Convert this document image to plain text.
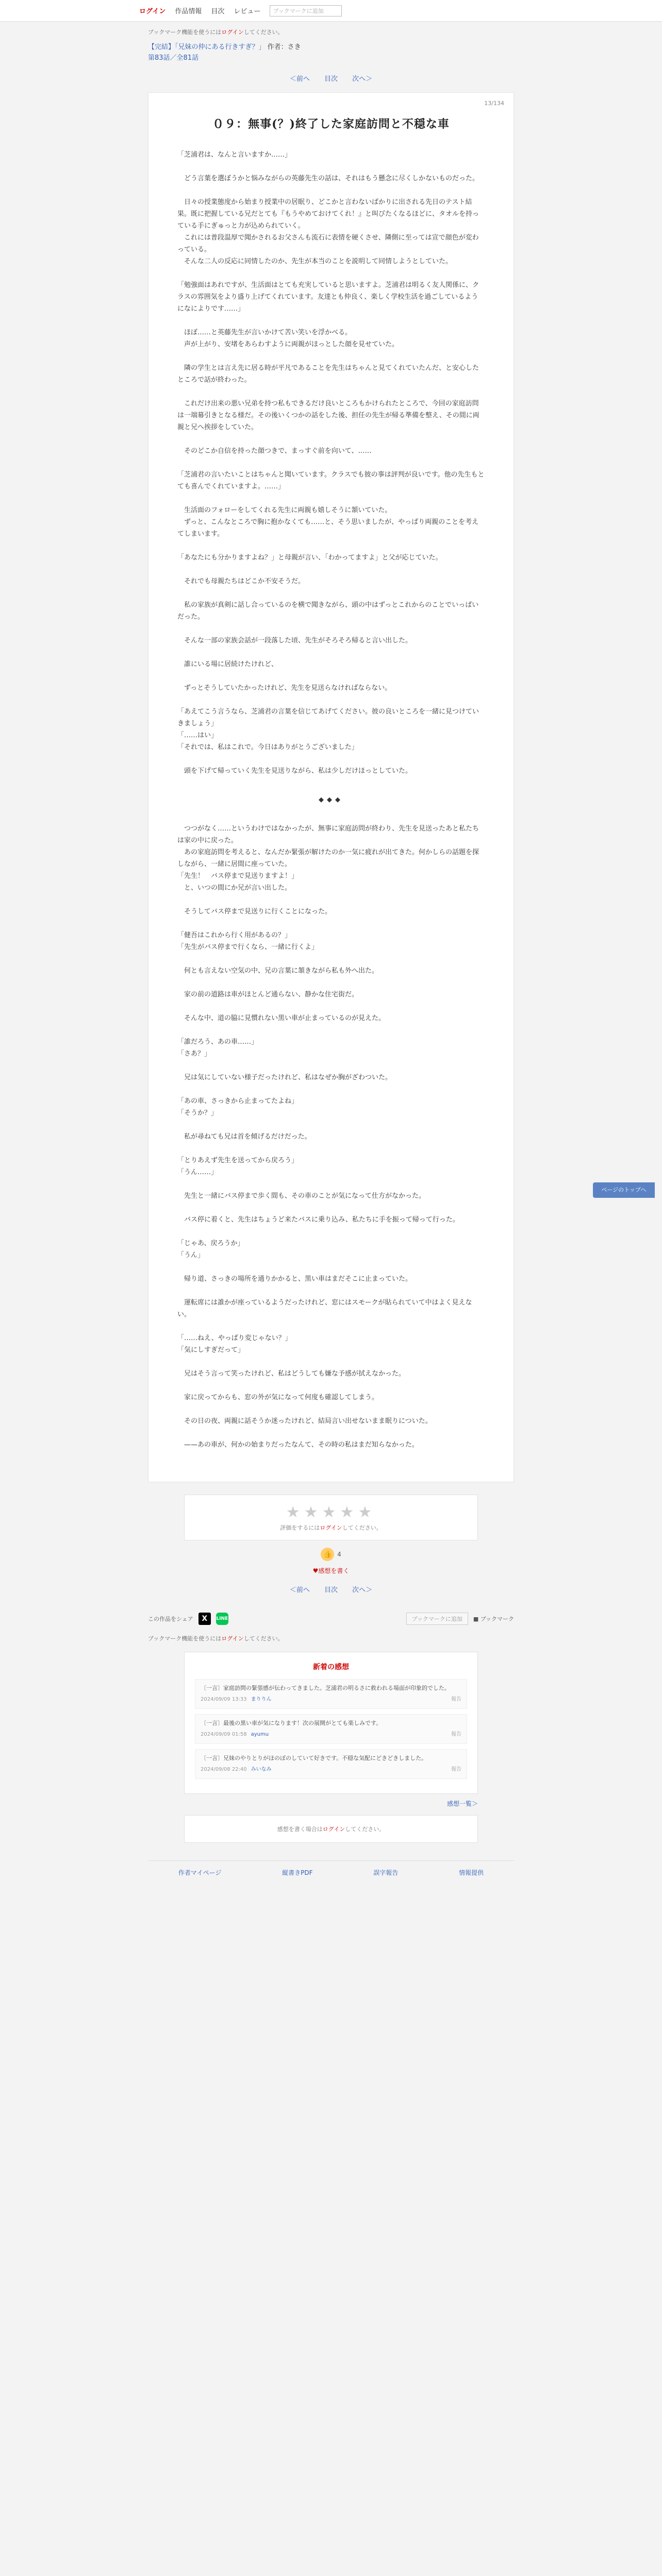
ログイン 作品情報 目次 レビュー	ブックマークに追加
ブックマーク機能を使うにはログインしてください。
【完結】「兄妹の仲にある行きすぎ？」 作者：さき
第83話／全81話
＜前へ 目次 次へ＞
13/134
０９：無事(？)終了した家庭訪問と不穏な車

「芝浦君は、なんと言いますか……」

　どう言葉を選ぼうかと悩みながらの英藤先生の話は、それはもう懸念に尽くしかないものだった。

　日々の授業態度から始まり授業中の居眠り、どこかと言わないばかりに出される先日のテスト結果。既に把握している兄だとても『もうやめておけてくれ！』と叫びたくなるほどに、タオルを持っている手にぎゅっと力が込められていく。

　これには普段温厚で聞かされるお父さんも流石に表情を硬くさせ、隣側に至っては宣で顔色が変わっている。

　そんな二人の反応に同情したのか、先生が本当のことを説明して同情しようとしていた。

「勉強面はあれですが、生活面はとても充実していると思いますよ。芝浦君は明るく友人関係に、クラスの雰囲気をより盛り上げてくれています。友達とも仲良く、楽しく学校生活を過ごしているようになによりです……」

　ほぼ……と英藤先生が言いかけて苦い笑いを浮かべる。

　声が上がり、安堵をあらわすように両親がほっとした顔を見せていた。

　隣の学生とは言え先に居る時が平凡であることを先生はちゃんと見てくれていたんだ、と安心したところで話が終わった。

　これだけ出来の悪い兄弟を持つ私もできるだけ良いところもかけられたところで、今回の家庭訪問は一端幕引きとなる様だ。その後いくつかの話をした後、担任の先生が帰る準備を整え、その間に両親と兄へ挨拶をしていた。

　そのどこか自信を持った顔つきで、まっすぐ前を向いて、……

「芝浦君の言いたいことはちゃんと聞いています。クラスでも彼の事は評判が良いです。他の先生もとても喜んでくれていますよ。……」

　生活面のフォローをしてくれる先生に両親も嬉しそうに頷いていた。

　ずっと、こんなところで胸に抱かなくても……と、そう思いましたが、やっぱり両親のことを考えてしまいます。

「あなたにも分かりますよね？」と母親が言い、「わかってますよ」と父が応じていた。

　それでも母親たちはどこか不安そうだ。

　私の家族が真剣に話し合っているのを横で聞きながら、頭の中はずっとこれからのことでいっぱいだった。

　そんな一部の家族会話が一段落した頃、先生がそろそろ帰ると言い出した。

　誰にいる場に居続けたけれど、

　ずっとそうしていたかったけれど、先生を見送らなければならない。

「あえてこう言うなら、芝浦君の言葉を信じてあげてください。彼の良いところを一緒に見つけていきましょう」

「……はい」

「それでは、私はこれで。今日はありがとうございました」

　頭を下げて帰っていく先生を見送りながら、私は少しだけほっとしていた。

◆◆◆

　つつがなく……というわけではなかったが、無事に家庭訪問が終わり、先生を見送ったあと私たちは家の中に戻った。

　あの家庭訪問を考えると、なんだか緊張が解けたのか一気に疲れが出てきた。何かしらの話題を探しながら、一緒に居間に座っていた。

「先生！　バス停まで見送りますよ！」

　と、いつの間にか兄が言い出した。

　そうしてバス停まで見送りに行くことになった。

「健吾はこれから行く用があるの？」

「先生がバス停まで行くなら、一緒に行くよ」

　何とも言えない空気の中、兄の言葉に頷きながら私も外へ出た。

　家の前の道路は車がほとんど通らない、静かな住宅街だ。

　そんな中、道の脇に見慣れない黒い車が止まっているのが見えた。

「誰だろう、あの車……」

「さあ？」

　兄は気にしていない様子だったけれど、私はなぜか胸がざわついた。

「あの車、さっきから止まってたよね」

「そうか？」

　私が尋ねても兄は首を傾げるだけだった。

「とりあえず先生を送ってから戻ろう」

「うん……」

　先生と一緒にバス停まで歩く間も、その車のことが気になって仕方がなかった。

　バス停に着くと、先生はちょうど来たバスに乗り込み、私たちに手を振って帰って行った。

「じゃあ、戻ろうか」

「うん」

　帰り道、さっきの場所を通りかかると、黒い車はまだそこに止まっていた。

　運転席には誰かが座っているようだったけれど、窓にはスモークが貼られていて中はよく見えない。

「……ねえ、やっぱり変じゃない？」

「気にしすぎだって」

　兄はそう言って笑ったけれど、私はどうしても嫌な予感が拭えなかった。

　家に戻ってからも、窓の外が気になって何度も確認してしまう。

　その日の夜、両親に話そうか迷ったけれど、結局言い出せないまま眠りについた。

　——あの車が、何かの始まりだったなんて、その時の私はまだ知らなかった。

★★★★★
評価をするにはログインしてください。
👍 4
♥感想を書く
＜前へ 目次 次へ＞
ページのトップへ
この作品をシェア	X	LINE	ブックマークに追加	■ ブックマーク
ブックマーク機能を使うにはログインしてください。
新着の感想
〔一言〕家庭訪問の緊張感が伝わってきました。芝浦君の明るさに救われる場面が印象的でした。
2024/09/09 13:33 まりりん	報告
〔一言〕最後の黒い車が気になります！次の展開がとても楽しみです。
2024/09/09 01:58 ayumu	報告
〔一言〕兄妹のやりとりがほのぼのしていて好きです。不穏な気配にどきどきしました。
2024/09/08 22:40 みいなみ	報告
感想一覧＞
感想を書く場合はログインしてください。
作者マイページ	縦書きPDF	誤字報告	情報提供
